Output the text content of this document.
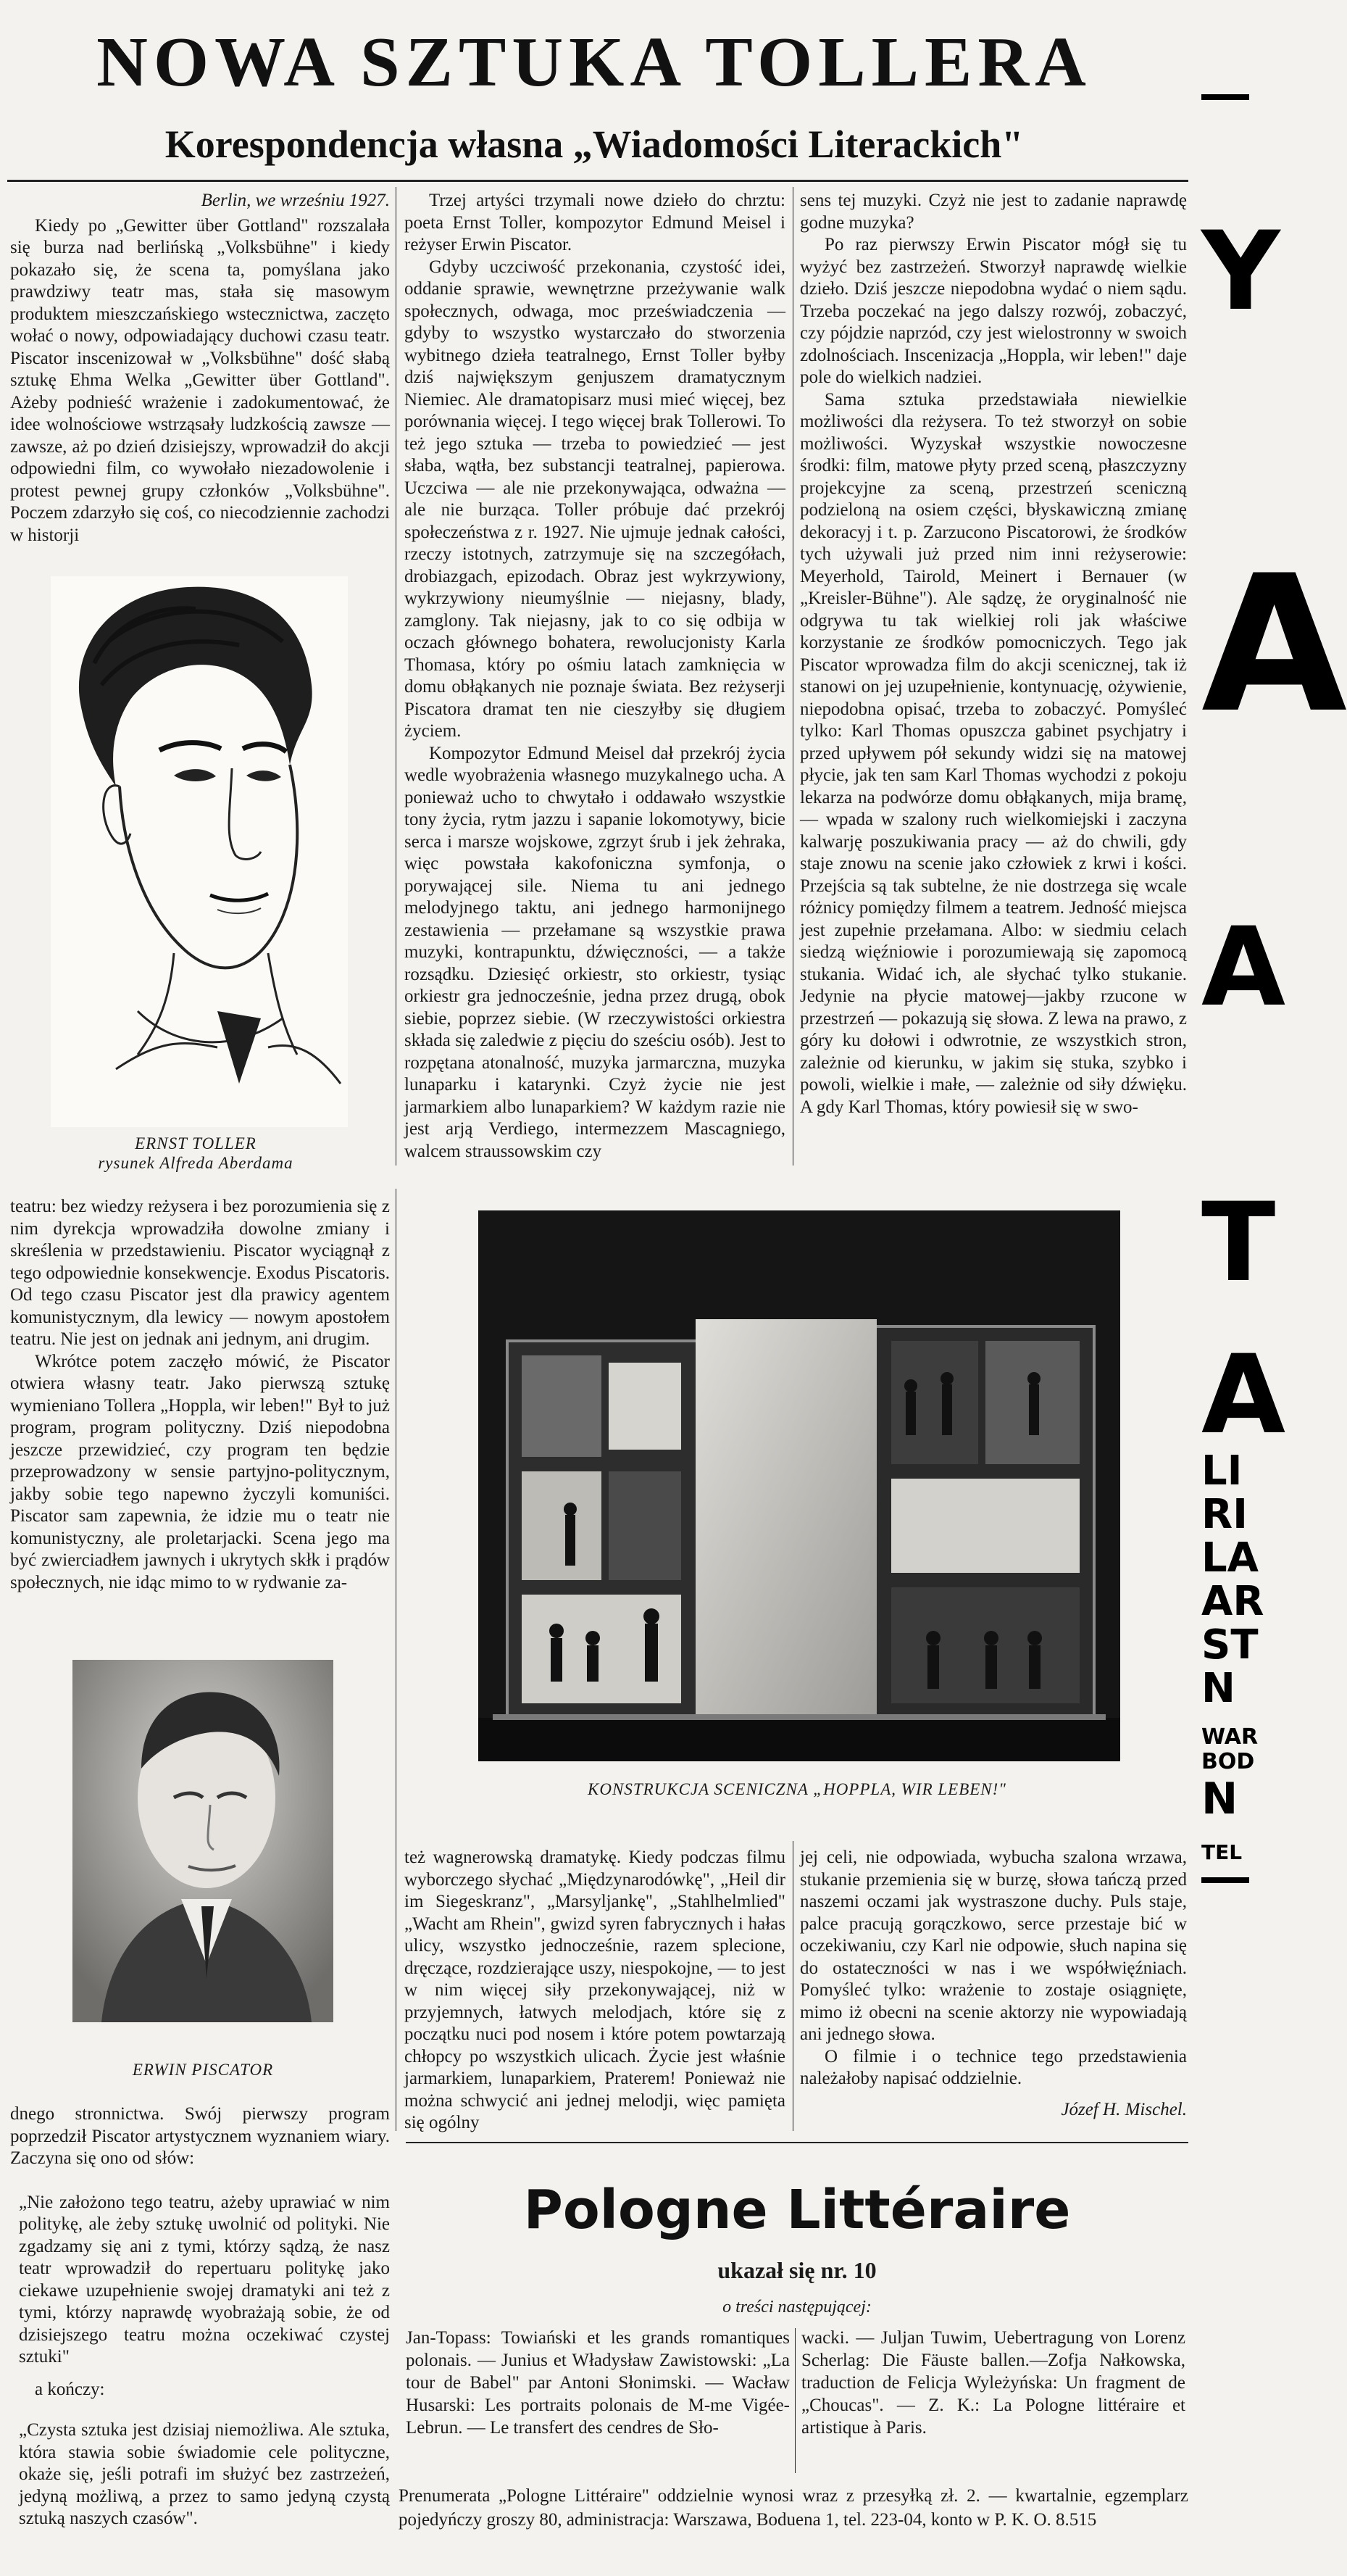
NOWA SZTUKA TOLLERA
Korespondencja własna „Wiadomości Literackich"
Berlin, we wrześniu 1927.

Kiedy po „Gewitter über Gottland" rozszalała się burza nad berlińską „Volksbühne" i kiedy pokazało się, że scena ta, pomyślana jako prawdziwy teatr mas, stała się masowym produktem mieszczańskiego wstecznictwa, zaczęto wołać o nowy, odpowiadający duchowi czasu teatr. Piscator inscenizował w „Volksbühne" dość słabą sztukę Ehma Welka „Gewitter über Gottland". Ażeby podnieść wrażenie i zadokumentować, że idee wolnościowe wstrząsały ludzkością zawsze — zawsze, aż po dzień dzisiejszy, wprowadził do akcji odpowiedni film, co wywołało niezadowolenie i protest pewnej grupy członków „Volksbühne". Poczem zdarzyło się coś, co niecodziennie zachodzi w historji

ERNST TOLLER
rysunek Alfreda Aberdama

teatru: bez wiedzy reżysera i bez porozumienia się z nim dyrekcja wprowadziła dowolne zmiany i skreślenia w przedstawieniu. Piscator wyciągnął z tego odpowiednie konsekwencje. Exodus Piscatoris. Od tego czasu Piscator jest dla prawicy agentem komunistycznym, dla lewicy — nowym apostołem teatru. Nie jest on jednak ani jednym, ani drugim.

Wkrótce potem zaczęło mówić, że Piscator otwiera własny teatr. Jako pierwszą sztukę wymieniano Tollera „Hoppla, wir leben!" Był to już program, program polityczny. Dziś niepodobna jeszcze przewidzieć, czy program ten będzie przeprowadzony w sensie partyjno-politycznym, jakby sobie tego napewno życzyli komuniści. Piscator sam zapewnia, że idzie mu o teatr nie komunistyczny, ale proletarjacki. Scena jego ma być zwierciadłem jawnych i ukrytych skłk i prądów społecznych, nie idąc mimo to w rydwanie za-

ERWIN PISCATOR

dnego stronnictwa. Swój pierwszy program poprzedził Piscator artystycznem wyznaniem wiary. Zaczyna się ono od słów:

„Nie założono tego teatru, ażeby uprawiać w nim politykę, ale żeby sztukę uwolnić od polityki. Nie zgadzamy się ani z tymi, którzy sądzą, że nasz teatr wprowadził do repertuaru politykę jako ciekawe uzupełnienie swojej dramatyki ani też z tymi, którzy naprawdę wyobrażają sobie, że od dzisiejszego teatru można oczekiwać czystej sztuki"

a kończy:

„Czysta sztuka jest dzisiaj niemożliwa. Ale sztuka, która stawia sobie świadomie cele polityczne, okaże się, jeśli potrafi im służyć bez zastrzeżeń, jedyną możliwą, a przez to samo jedyną czystą sztuką naszych czasów".

Trzej artyści trzymali nowe dzieło do chrztu: poeta Ernst Toller, kompozytor Edmund Meisel i reżyser Erwin Piscator.

Gdyby uczciwość przekonania, czystość idei, oddanie sprawie, wewnętrzne przeżywanie walk społecznych, odwaga, moc przeświadczenia — gdyby to wszystko wystarczało do stworzenia wybitnego dzieła teatralnego, Ernst Toller byłby dziś największym genjuszem dramatycznym Niemiec. Ale dramatopisarz musi mieć więcej, bez porównania więcej. I tego więcej brak Tollerowi. To też jego sztuka — trzeba to powiedzieć — jest słaba, wątła, bez substancji teatralnej, papierowa. Uczciwa — ale nie przekonywająca, odważna — ale nie burząca. Toller próbuje dać przekrój społeczeństwa z r. 1927. Nie ujmuje jednak całości, rzeczy istotnych, zatrzymuje się na szczegółach, drobiazgach, epizodach. Obraz jest wykrzywiony, wykrzywiony nieumyślnie — niejasny, blady, zamglony. Tak niejasny, jak to co się odbija w oczach głównego bohatera, rewolucjonisty Karla Thomasa, który po ośmiu latach zamknięcia w domu obłąkanych nie poznaje świata. Bez reżyserji Piscatora dramat ten nie cieszyłby się długiem życiem.

Kompozytor Edmund Meisel dał przekrój życia wedle wyobrażenia własnego muzykalnego ucha. A ponieważ ucho to chwytało i oddawało wszystkie tony życia, rytm jazzu i sapanie lokomotywy, bicie serca i marsze wojskowe, zgrzyt śrub i jek żehraka, więc powstała kakofonicznа symfonja, o porywającej sile. Niema tu ani jednego melodyjnego taktu, ani jednego harmonijnego zestawienia — przełamane są wszystkie prawa muzyki, kontrapunktu, dźwięczności, — a także rozsądku. Dziesięć orkiestr, sto orkiestr, tysiąc orkiestr gra jednocześnie, jedna przez drugą, obok siebie, poprzez siebie. (W rzeczywistości orkiestra składa się zaledwie z pięciu do sześciu osób). Jest to rozpętana atonalność, muzyka jarmarczna, muzyka lunaparku i katarynki. Czyż życie nie jest jarmarkiem albo lunaparkiem? W każdym razie nie jest arją Verdiego, intermezzem Mascagniego, walcem straussowskim czy

sens tej muzyki. Czyż nie jest to zadanie naprawdę godne muzyka?

Po raz pierwszy Erwin Piscator mógł się tu wyżyć bez zastrzeżeń. Stworzył naprawdę wielkie dzieło. Dziś jeszcze niepodobna wydać o niem sądu. Trzeba poczekać na jego dalszy rozwój, zobaczyć, czy pójdzie naprzód, czy jest wielostronny w swoich zdolnościach. Inscenizacja „Hoppla, wir leben!" daje pole do wielkich nadziei.

Sama sztuka przedstawiała niewielkie możliwości dla reżysera. To też stworzył on sobie możliwości. Wyzyskał wszystkie nowoczesne środki: film, matowe płyty przed sceną, płaszczyzny projekcyjne za sceną, przestrzeń sceniczną podzieloną na osiem części, błyskawiczną zmianę dekoracyj i t. p. Zarzucono Piscatorowi, że środków tych używali już przed nim inni reżyserowie: Meyerhold, Tairold, Meinert i Bernauer (w „Kreisler-Bühne"). Ale sądzę, że oryginalność nie odgrywa tu tak wielkiej roli jak właściwe korzystanie ze środków pomocniczych. Tego jak Piscator wprowadza film do akcji scenicznej, tak iż stanowi on jej uzupełnienie, kontynuację, ożywienie, niepodobna opisać, trzeba to zobaczyć. Pomyśleć tylko: Karl Thomas opuszcza gabinet psychjatry i przed upływem pół sekundy widzi się na matowej płycie, jak ten sam Karl Thomas wychodzi z pokoju lekarza na podwórze domu obłąkanych, mija bramę, — wpada w szalony ruch wielkomiejski i zaczyna kalwarję poszukiwania pracy — aż do chwili, gdy staje znowu na scenie jako człowiek z krwi i kości. Przejścia są tak subtelne, że nie dostrzega się wcale różnicy pomiędzy filmem a teatrem. Jedność miejsca jest zupełnie przełamana. Albo: w siedmiu celach siedzą więźniowie i porozumiewają się zapomocą stukania. Widać ich, ale słychać tylko stukanie. Jedynie na płycie matowej—jakby rzucone w przestrzeń — pokazują się słowa. Z lewa na prawo, z góry ku dołowi i odwrotnie, ze wszystkich stron, zależnie od kierunku, w jakim się stuka, szybko i powoli, wielkie i małe, — zależnie od siły dźwięku. A gdy Karl Thomas, który powiesił się w swo-

KONSTRUKCJA SCENICZNA „HOPPLA, WIR LEBEN!"

też wagnerowską dramatykę. Kiedy podczas filmu wyborczego słychać „Międzynarodówkę", „Heil dir im Siegeskranz", „Marsyljankę", „Stahlhelmlied" „Wacht am Rhein", gwizd syren fabrycznych i hałas ulicy, wszystko jednocześnie, razem splecione, dręczące, rozdzierające uszy, niespokojne, — to jest w nim więcej siły przekonywającej, niż w przyjemnych, łatwych melodjach, które się z początku nuci pod nosem i które potem powtarzają chłopcy po wszystkich ulicach. Życie jest właśnie jarmarkiem, lunaparkiem, Praterem! Ponieważ nie można schwycić ani jednej melodji, więc pamięta się ogólny

jej celi, nie odpowiada, wybucha szalona wrzawa, stukanie przemienia się w burzę, słowa tańczą przed naszemi oczami jak wystraszone duchy. Puls staje, palce pracują gorączkowo, serce przestaje bić w oczekiwaniu, czy Karl nie odpowie, słuch napina się do ostateczności w nas i we współwięźniach. Pomyśleć tylko: wrażenie to zostaje osiągnięte, mimo iż obecni na scenie aktorzy nie wypowiadają ani jednego słowa.

O filmie i o technice tego przedstawienia należałoby napisać oddzielnie.

Józef H. Mischel.
Pologne Littéraire
ukazał się nr. 10
o treści następującej:

Jan-Topass: Towiański et les grands romantiques polonais. — Junius et Władysław Zawistowski: „La tour de Babel" par Antoni Słonimski. — Wacław Husarski: Les portraits polonais de M-me Vigée-Lebrun. — Le transfert des cendres de Sło-

wacki. — Juljan Tuwim, Uebertragung von Lorenz Scherlag: Die Fäuste ballen.—Zofja Nałkowska, traduction de Felicja Wyleżyńska: Un fragment de „Choucas". — Z. K.: La Pologne littéraire et artistique à Paris.

Prenumerata „Pologne Littéraire" oddzielnie wynosi wraz z przesyłką zł. 2. — kwartalnie, egzemplarz pojedyńczy groszy 80, administracja: Warszawa, Boduena 1, tel. 223-04, konto w P. K. O. 8.515
Y
A
A
T
A
LI
RI
LA
AR
ST
N
WAR
BOD
N
TEL
